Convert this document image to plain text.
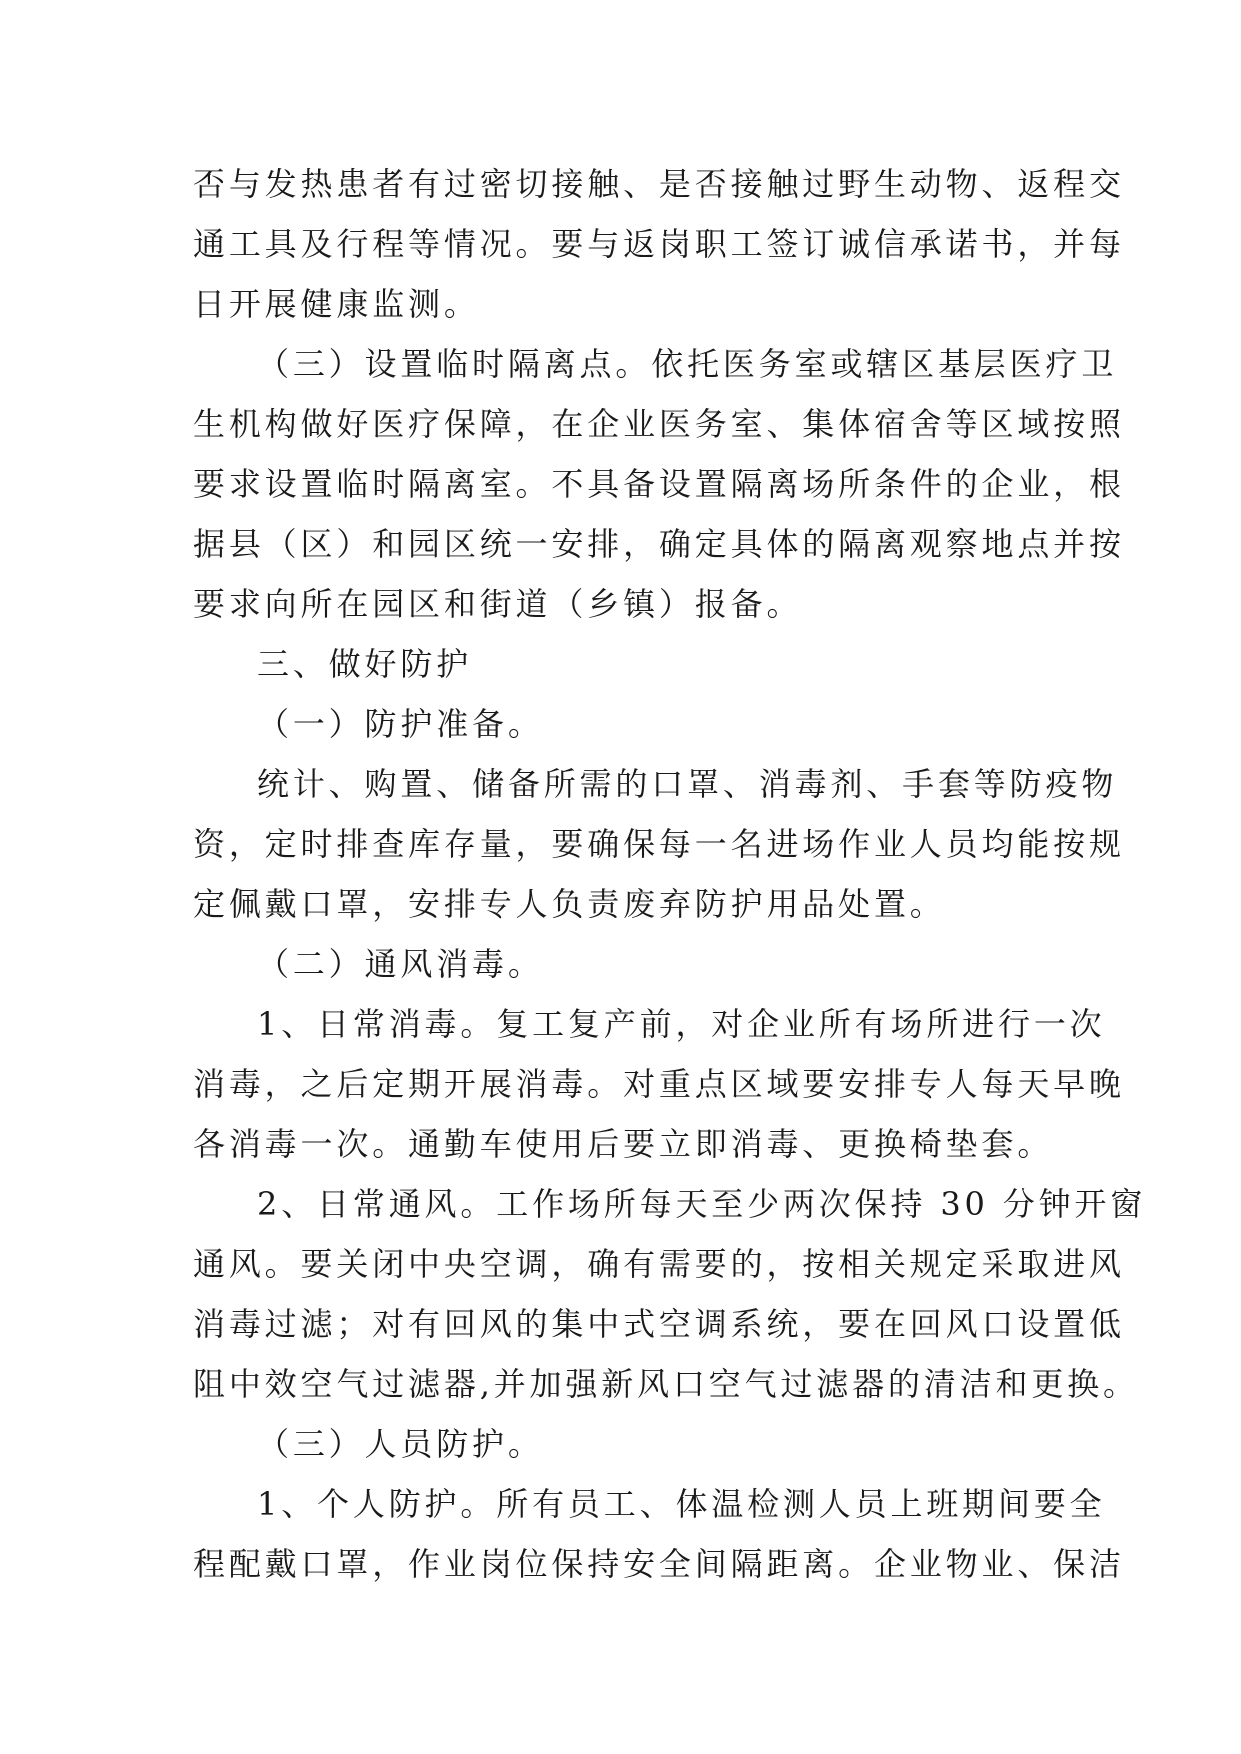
否与发热患者有过密切接触、是否接触过野生动物、返程交
通工具及行程等情况。要与返岗职工签订诚信承诺书，并每
日开展健康监测。
（三）设置临时隔离点。依托医务室或辖区基层医疗卫
生机构做好医疗保障，在企业医务室、集体宿舍等区域按照
要求设置临时隔离室。不具备设置隔离场所条件的企业，根
据县（区）和园区统一安排，确定具体的隔离观察地点并按
要求向所在园区和街道（乡镇）报备。
三、做好防护
（一）防护准备。
统计、购置、储备所需的口罩、消毒剂、手套等防疫物
资，定时排查库存量，要确保每一名进场作业人员均能按规
定佩戴口罩，安排专人负责废弃防护用品处置。
（二）通风消毒。
1、日常消毒。复工复产前，对企业所有场所进行一次
消毒，之后定期开展消毒。对重点区域要安排专人每天早晚
各消毒一次。通勤车使用后要立即消毒、更换椅垫套。
2、日常通风。工作场所每天至少两次保持 30 分钟开窗
通风。要关闭中央空调，确有需要的，按相关规定采取进风
消毒过滤；对有回风的集中式空调系统，要在回风口设置低
阻中效空气过滤器,并加强新风口空气过滤器的清洁和更换。
（三）人员防护。
1、个人防护。所有员工、体温检测人员上班期间要全
程配戴口罩，作业岗位保持安全间隔距离。企业物业、保洁
